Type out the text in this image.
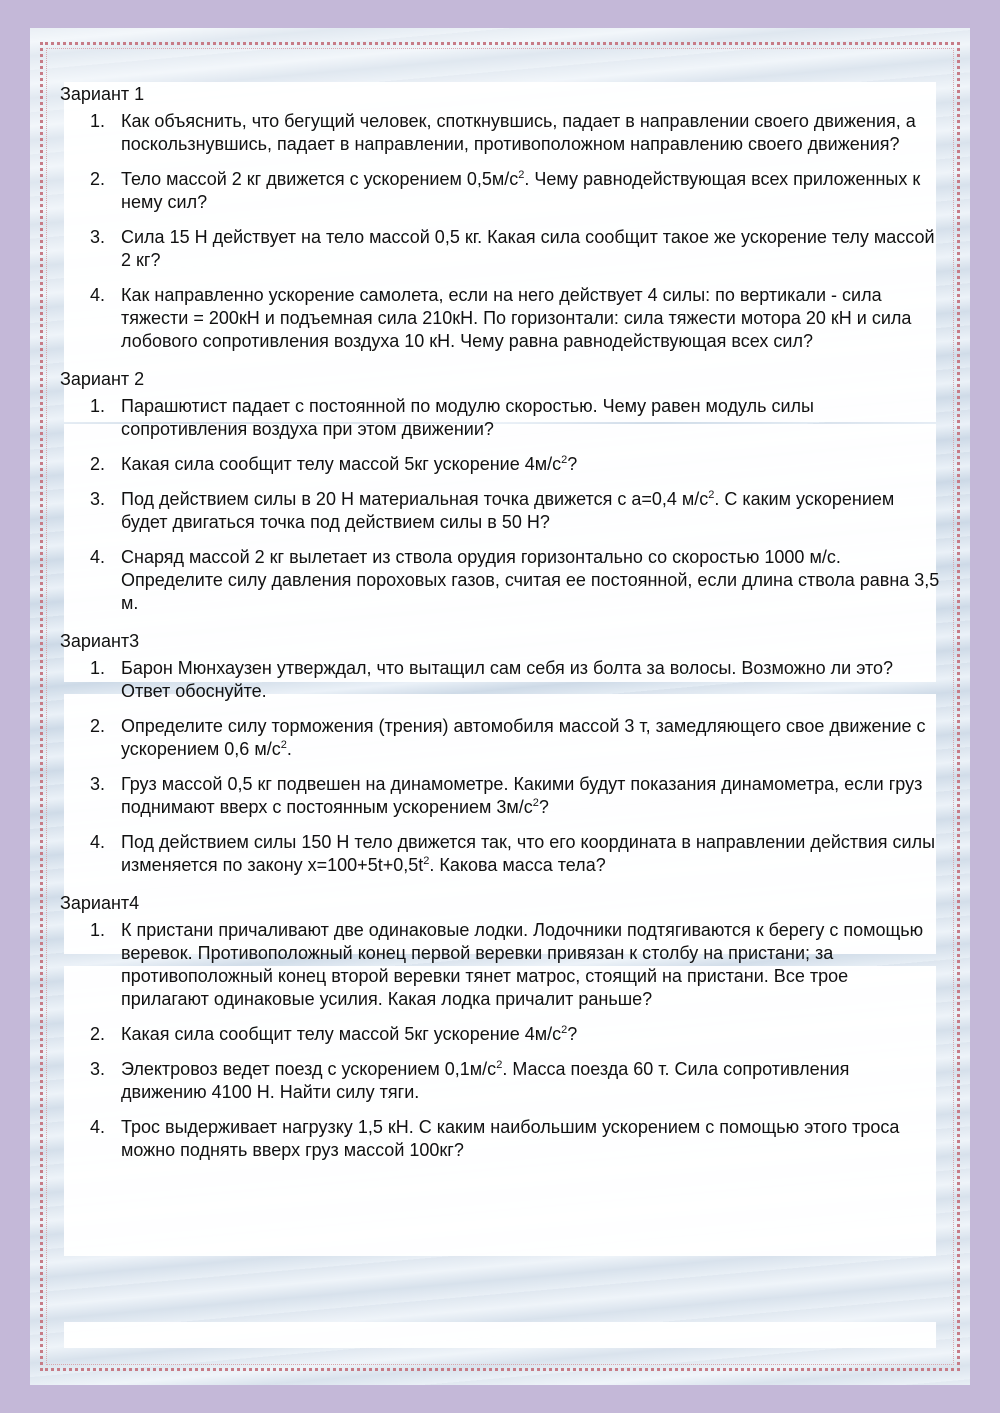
Зариант 1
1. Как объяснить, что бегущий человек, споткнувшись, падает в направлении своего движения, а поскользнувшись, падает в направлении, противоположном направлению своего движения?
2. Тело массой 2 кг движется с ускорением $0,5м/с^2$. Чему равнодействующая всех приложенных к нему сил?
3. Сила 15 Н действует на тело массой 0,5 кг. Какая сила сообщит такое же ускорение телу массой 2 кг?
4. Как направленно ускорение самолета, если на него действует 4 силы: по вертикали - сила тяжести = 200кН и подъемная сила 210кН. По горизонтали: сила тяжести мотора 20 кН и сила лобового сопротивления воздуха 10 кН. Чему равна равнодействующая всех сил?
Зариант 2
1. Парашютист падает с постоянной по модулю скоростью. Чему равен модуль силы сопротивления воздуха при этом движении?
2. Какая сила сообщит телу массой 5кг ускорение $4м/с^2$?
3. Под действием силы в 20 Н материальная точка движется с а=0,4 $м/с^2$. С каким ускорением будет двигаться точка под действием силы в 50 Н?
4. Снаряд массой 2 кг вылетает из ствола орудия горизонтально со скоростью 1000 м/с. Определите силу давления пороховых газов, считая ее постоянной, если длина ствола равна 3,5 м.
Зариант3
1. Барон Мюнхаузен утверждал, что вытащил сам себя из болта за волосы. Возможно ли это? Ответ обоснуйте.
2. Определите силу торможения (трения) автомобиля массой 3 т, замедляющего свое движение с ускорением 0,6 $м/с^2$.
3. Груз массой 0,5 кг подвешен на динамометре. Какими будут показания динамометра, если груз поднимают вверх с постоянным ускорением $3м/с^2$?
4. Под действием силы 150 Н тело движется так, что его координата в направлении действия силы изменяется по закону $х=100+5t+0,5t^2$. Какова масса тела?
Зариант4
1. К пристани причаливают две одинаковые лодки. Лодочники подтягиваются к берегу с помощью веревок. Противоположный конец первой веревки привязан к столбу на пристани; за противоположный конец второй веревки тянет матрос, стоящий на пристани. Все трое прилагают одинаковые усилия. Какая лодка причалит раньше?
2. Какая сила сообщит телу массой 5кг ускорение $4м/с^2$?
3. Электровоз ведет поезд с ускорением $0,1м/с^2$. Масса поезда 60 т. Сила сопротивления движению 4100 Н. Найти силу тяги.
4. Трос выдерживает нагрузку 1,5 кН. С каким наибольшим ускорением с помощью этого троса можно поднять вверх груз массой 100кг?
